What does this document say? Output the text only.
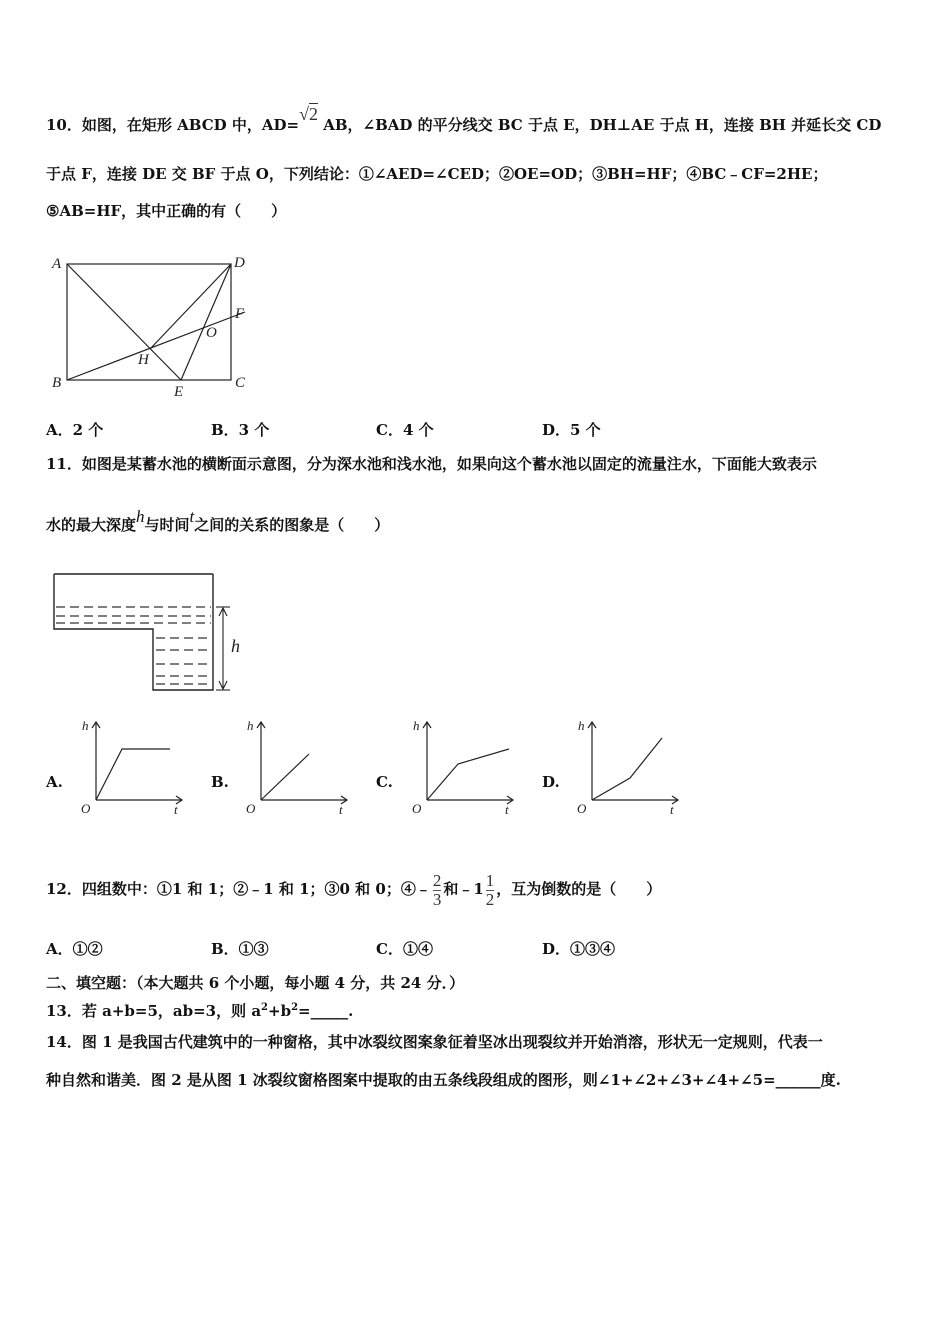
10．如图，在矩形 ABCD 中，AD=√2 AB，∠BAD 的平分线交 BC 于点 E，DH⊥AE 于点 H，连接 BH 并延长交 CD
于点 F，连接 DE 交 BF 于点 O，下列结论：①∠AED=∠CED；②OE=OD；③BH=HF；④BC﹣CF=2HE；
⑤AB=HF，其中正确的有（　　）
A	D
B	C
E
F
H
O
A．2 个	B．3 个	C．4 个	D．5 个
11．如图是某蓄水池的横断面示意图，分为深水池和浅水池，如果向这个蓄水池以固定的流量注水，下面能大致表示
水的最大深度h与时间t之间的关系的图象是（　　）
h
A.
h
t
O
B.
h
t
O
C.
h
t
O
D.
h
t
O
12．四组数中：①1 和 1；②﹣1 和 1；③0 和 0；④﹣ $\frac{2}{3}$ 和﹣1 $\frac{1}{2}$ ，互为倒数的是（　　）
A．①②	B．①③	C．①④	D．①③④
二、填空题：（本大题共 6 个小题，每小题 4 分，共 24 分．）
13．若 a+b=5，ab=3，则 $a^2+b^2=\_\_\_\_\_$.
14．图 1 是我国古代建筑中的一种窗格，其中冰裂纹图案象征着坚冰出现裂纹并开始消溶，形状无一定规则，代表一
种自然和谐美．图 2 是从图 1 冰裂纹窗格图案中提取的由五条线段组成的图形，则∠1+∠2+∠3+∠4+∠5=______度.
